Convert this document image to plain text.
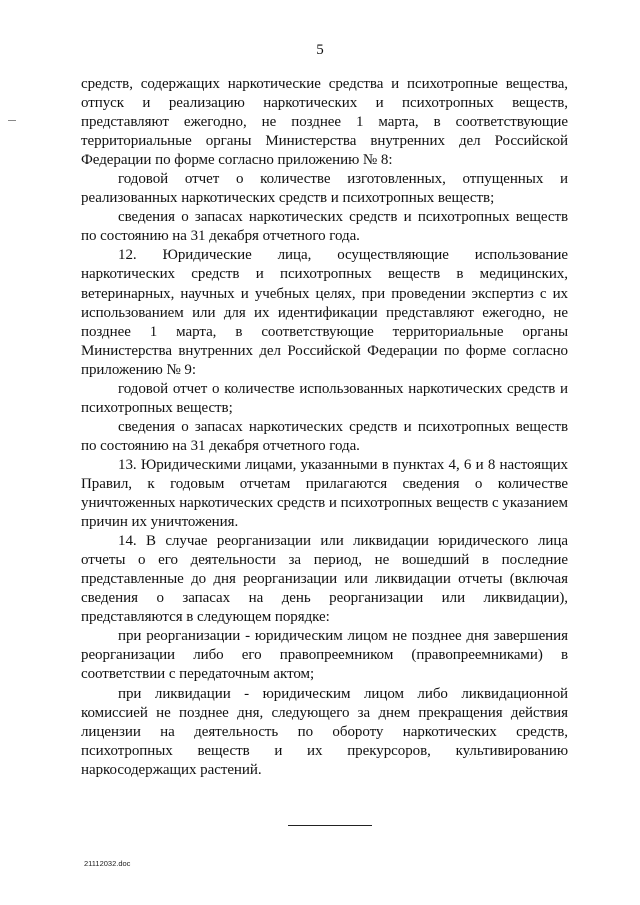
5

средств, содержащих наркотические средства и психотропные вещества, отпуск и реализацию наркотических и психотропных веществ, представляют ежегодно, не позднее 1 марта, в соответствующие территориальные органы Министерства внутренних дел Российской Федерации по форме согласно приложению № 8:

годовой отчет о количестве изготовленных, отпущенных и реализованных наркотических средств и психотропных веществ;

сведения о запасах наркотических средств и психотропных веществ по состоянию на 31 декабря отчетного года.

12. Юридические лица, осуществляющие использование наркотических средств и психотропных веществ в медицинских, ветеринарных, научных и учебных целях, при проведении экспертиз с их использованием или для их идентификации представляют ежегодно, не позднее 1 марта, в соответствующие территориальные органы Министерства внутренних дел Российской Федерации по форме согласно приложению № 9:

годовой отчет о количестве использованных наркотических средств и психотропных веществ;

сведения о запасах наркотических средств и психотропных веществ по состоянию на 31 декабря отчетного года.

13. Юридическими лицами, указанными в пунктах 4, 6 и 8 настоящих Правил, к годовым отчетам прилагаются сведения о количестве уничтоженных наркотических средств и психотропных веществ с указанием причин их уничтожения.

14. В случае реорганизации или ликвидации юридического лица отчеты о его деятельности за период, не вошедший в последние представленные до дня реорганизации или ликвидации отчеты (включая сведения о запасах на день реорганизации или ликвидации), представляются в следующем порядке:

при реорганизации - юридическим лицом не позднее дня завершения реорганизации либо его правопреемником (правопреемниками) в соответствии с передаточным актом;

при ликвидации - юридическим лицом либо ликвидационной комиссией не позднее дня, следующего за днем прекращения действия лицензии на деятельность по обороту наркотических средств, психотропных веществ и их прекурсоров, культивированию наркосодержащих растений.

21112032.doc
